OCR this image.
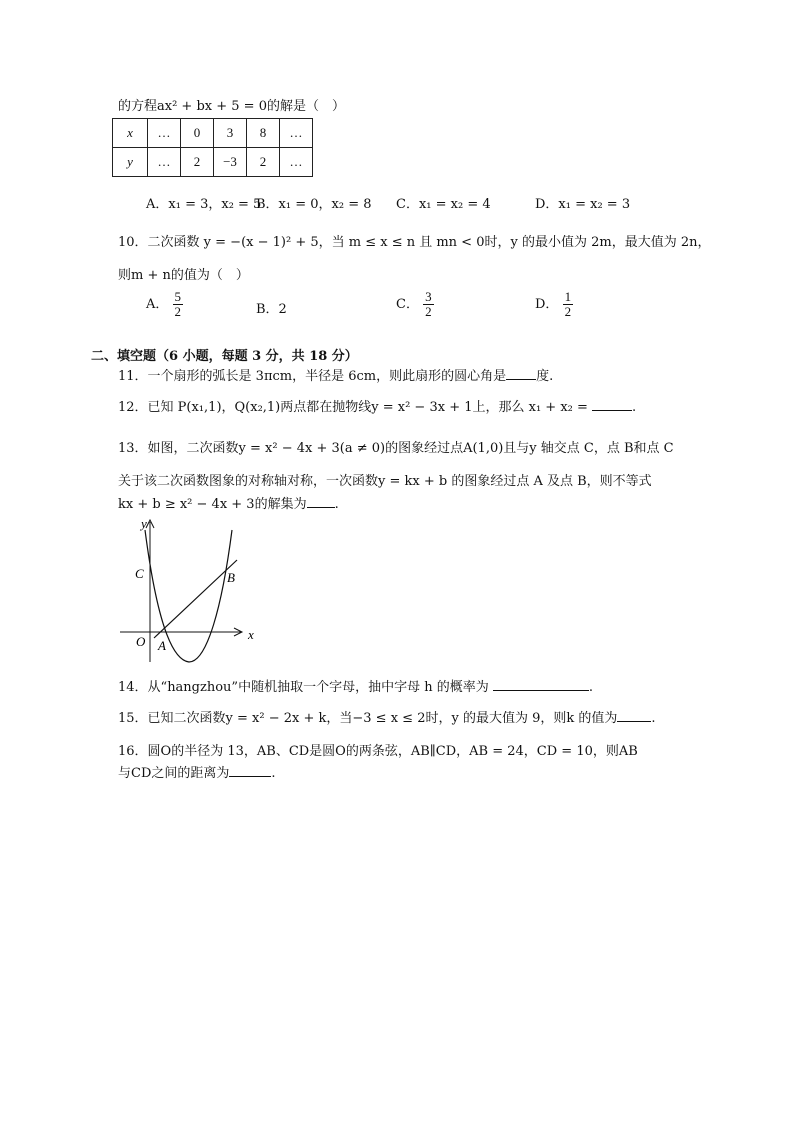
的方程ax² + bx + 5 = 0的解是（　）
x	…	0	3	8	…
y	…	2	−3	2	…
A．x₁ = 3，x₂ = 5
B．x₁ = 0，x₂ = 8 C．x₁ = x₂ = 4	D．x₁ = x₂ = 3
10．二次函数 y = −(x − 1)² + 5，当 m ≤ x ≤ n 且 mn < 0时，y 的最小值为 2m，最大值为 2n，
则m + n的值为（　）
A． $\frac{5}{2}$	B．2	C． $\frac{3}{2}$	D． $\frac{1}{2}$
二、填空题（6 小题，每题 3 分，共 18 分）
11．一个扇形的弧长是 3πcm，半径是 6cm，则此扇形的圆心角是 度.
12．已知 P(x₁,1)，Q(x₂,1)两点都在抛物线y = x² − 3x + 1上，那么 x₁ + x₂ =	.
13．如图，二次函数y = x² − 4x + 3(a ≠ 0)的图象经过点A(1,0)且与y 轴交点 C，点 B和点 C
关于该二次函数图象的对称轴对称，一次函数y = kx + b 的图象经过点 A 及点 B，则不等式
kx + b ≥ x² − 4x + 3的解集为 .
x
y
C	B
O A
14．从“hangzhou”中随机抽取一个字母，抽中字母 h 的概率为	.
15．已知二次函数y = x² − 2x + k，当−3 ≤ x ≤ 2时，y 的最大值为 9，则k 的值为	.
16．圆O的半径为 13，AB、CD是圆O的两条弦，AB∥CD，AB = 24，CD = 10，则AB
与CD之间的距离为	.
